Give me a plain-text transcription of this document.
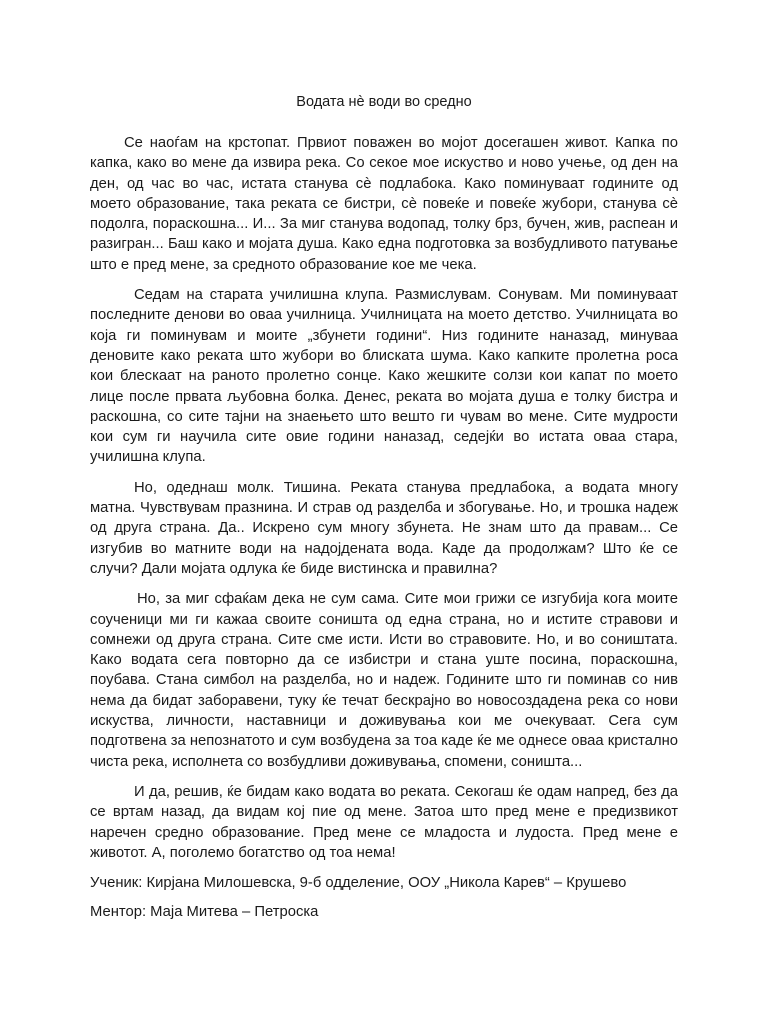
Водата нè води во средно

Се наоѓам на крстопат. Првиот поважен во мојот досегашен живот. Капка по капка, како во мене да извира река. Со секое мое искуство и ново учење, од ден на ден, од час во час, истата станува сè подлабока. Како поминуваат годините од моето образование, така реката се бистри, сè повеќе и повеќе жубори, станува сè подолга, пораскошна... И... За миг станува водопад, толку брз, бучен, жив, распеан и разигран... Баш како и мојата душа. Како една подготовка за возбудливото патување што е пред мене, за средното образование кое ме чека.

Седам на старата училишна клупа. Размислувам. Сонувам. Ми поминуваат последните денови во оваа училница. Училницата на моето детство. Училницата во која ги поминувам и моите „збунети години“. Низ годините наназад, минуваа деновите како реката што жубори во блиската шума. Како капките пролетна роса кои блескаат на раното пролетно сонце. Како жешките солзи кои капат по моето лице после првата љубовна болка. Денес, реката во мојата душа е толку бистра и раскошна, со сите тајни на знаењето што вешто ги чувам во мене. Сите мудрости кои сум ги научила сите овие години наназад, седејќи во истата оваа стара, училишна клупа.

Но, одеднаш молк. Тишина. Реката станува предлабока, а водата многу матна. Чувствувам празнина. И страв од разделба и збогување. Но, и трошка надеж од друга страна. Да.. Искрено сум многу збунета. Не знам што да правам... Се изгубив во матните води на надојдената вода. Каде да продолжам? Што ќе се случи? Дали мојата одлука ќе биде вистинска и правилна?

Но, за миг сфаќам дека не сум сама. Сите мои грижи се изгубија кога моите соученици ми ги кажаа своите соништа од една страна, но и истите стравови и сомнежи од друга страна. Сите сме исти. Исти во стравовите. Но, и во соништата. Како водата сега повторно да се избистри и стана уште посина, пораскошна, поубава. Стана симбол на разделба, но и надеж. Годините што ги поминав со нив нема да бидат заборавени, туку ќе течат бескрајно во новосоздадена река со нови искуства, личности, наставници и доживувања кои ме очекуваат. Сега сум подготвена за непознатото и сум возбудена за тоа каде ќе ме однесе оваа кристално чиста река, исполнета со возбудливи доживувања, спомени, соништа...

И да, решив, ќе бидам како водата во реката. Секогаш ќе одам напред, без да се вртам назад, да видам кој пие од мене. Затоа што пред мене е предизвикот наречен средно образование. Пред мене се младоста и лудоста. Пред мене е животот. А, поголемо богатство од тоа нема!

Ученик: Кирјана Милошевска, 9-б одделение, ООУ „Никола Карев“ – Крушево
Ментор: Маја Митева – Петроска
